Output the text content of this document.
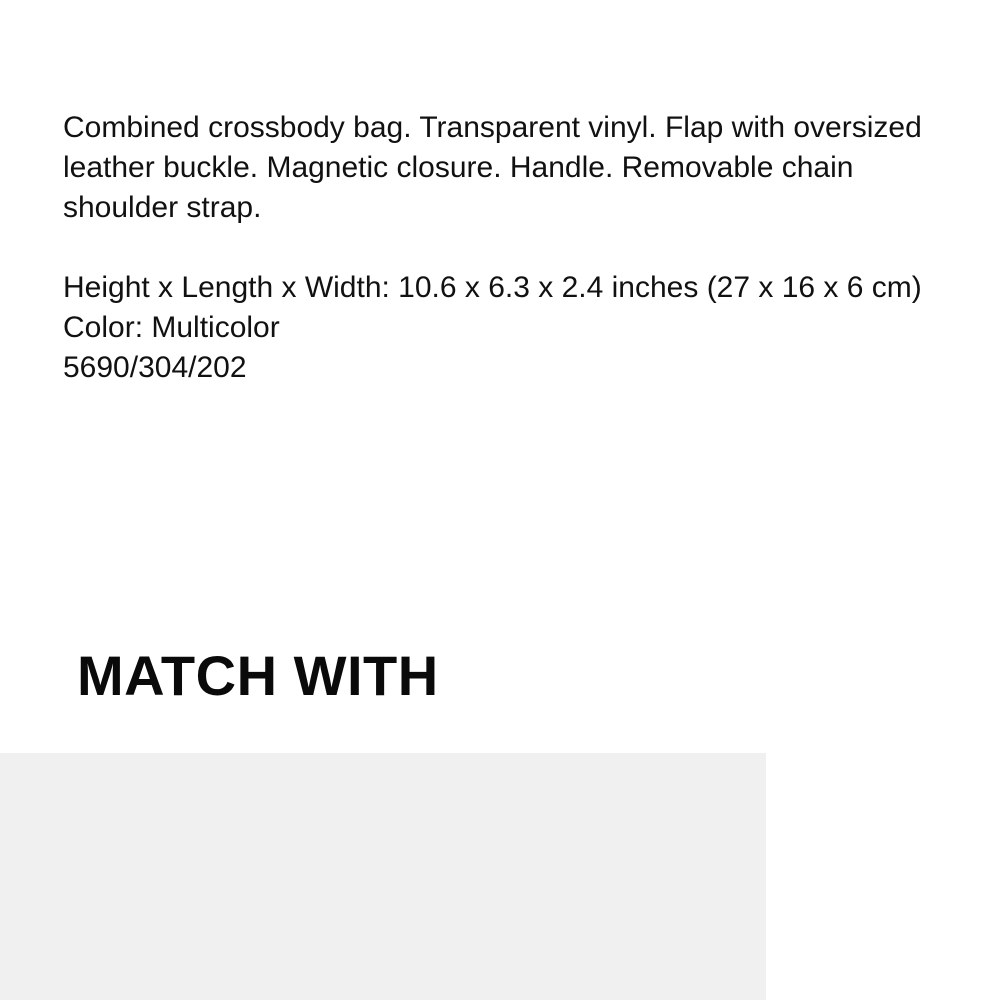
Combined crossbody bag. Transparent vinyl. Flap with oversized leather buckle. Magnetic closure. Handle. Removable chain shoulder strap.

Height x Length x Width: 10.6 x 6.3 x 2.4 inches (27 x 16 x 6 cm)
Color: Multicolor
5690/304/202
MATCH WITH
